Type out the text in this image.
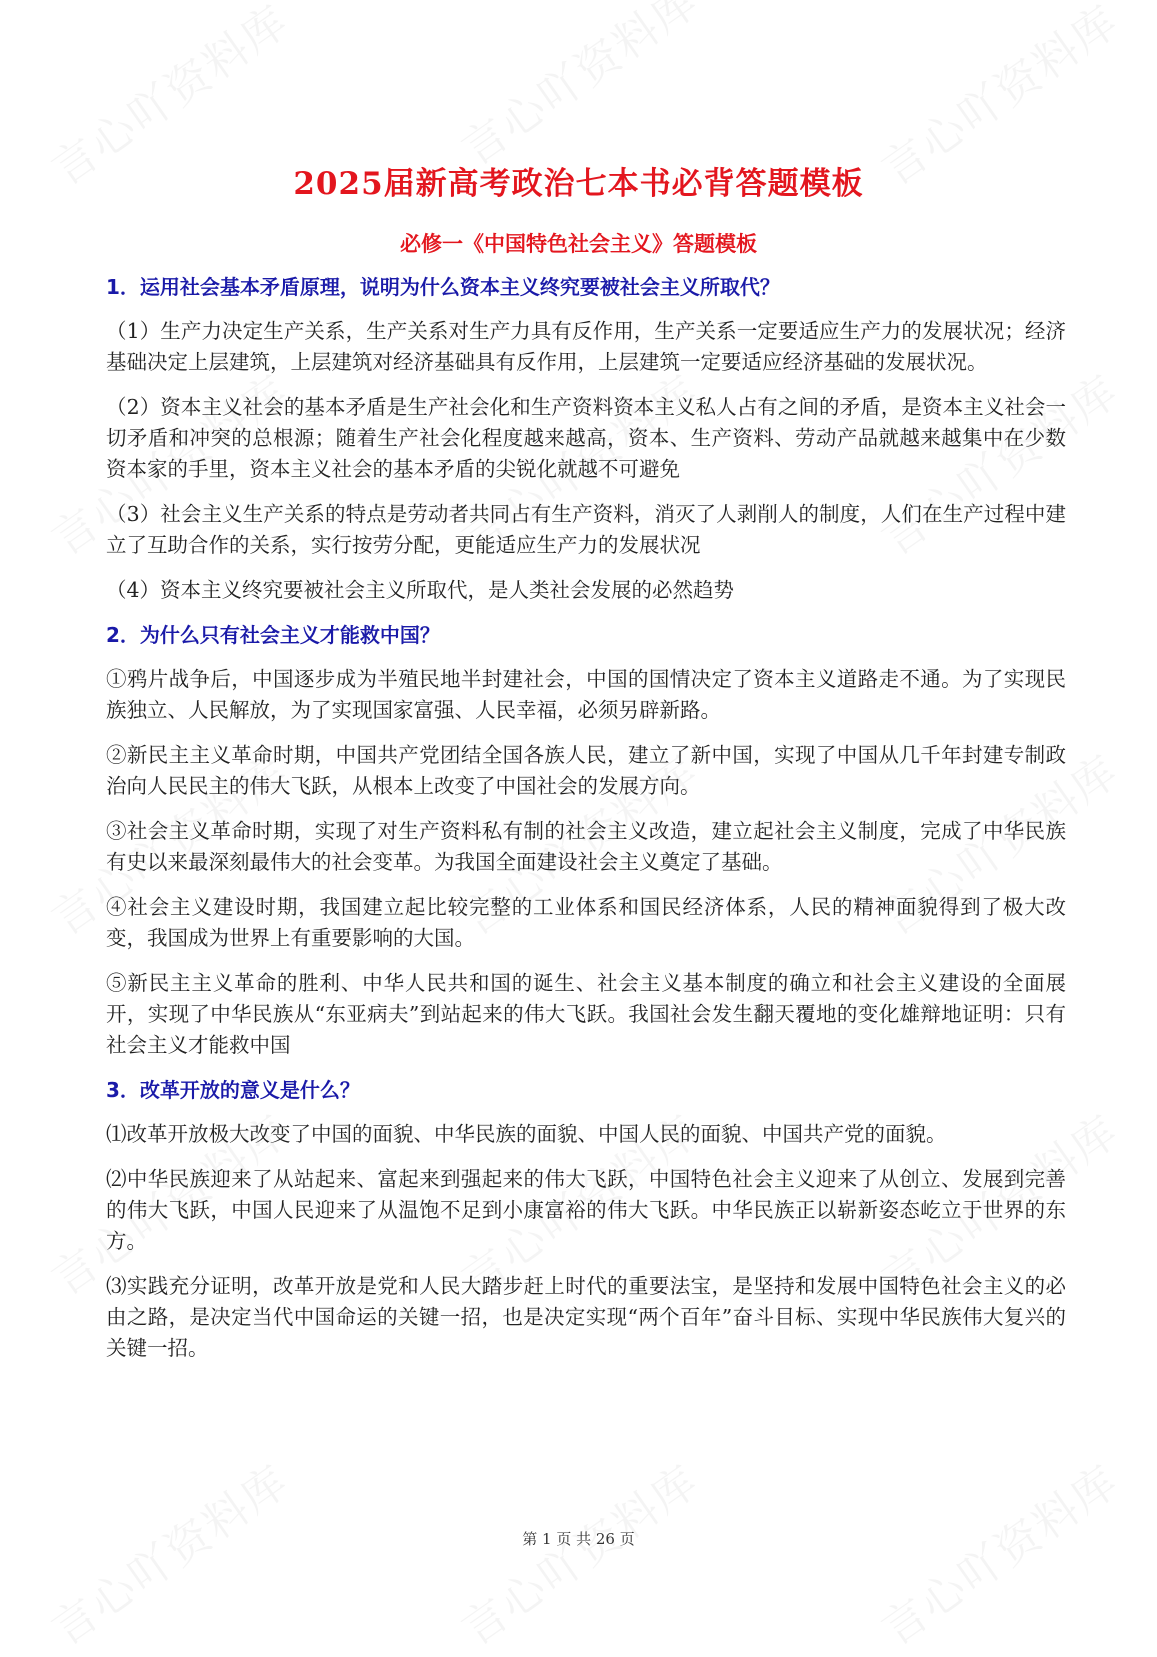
2025届新高考政治七本书必背答题模板
必修一《中国特色社会主义》答题模板
1．运用社会基本矛盾原理，说明为什么资本主义终究要被社会主义所取代？
（1）生产力决定生产关系，生产关系对生产力具有反作用，生产关系一定要适应生产力的发展状况；经济基础决定上层建筑，上层建筑对经济基础具有反作用，上层建筑一定要适应经济基础的发展状况。
（2）资本主义社会的基本矛盾是生产社会化和生产资料资本主义私人占有之间的矛盾，是资本主义社会一切矛盾和冲突的总根源；随着生产社会化程度越来越高，资本、生产资料、劳动产品就越来越集中在少数资本家的手里，资本主义社会的基本矛盾的尖锐化就越不可避免
（3）社会主义生产关系的特点是劳动者共同占有生产资料，消灭了人剥削人的制度，人们在生产过程中建立了互助合作的关系，实行按劳分配，更能适应生产力的发展状况
（4）资本主义终究要被社会主义所取代，是人类社会发展的必然趋势
2．为什么只有社会主义才能救中国？
①鸦片战争后，中国逐步成为半殖民地半封建社会，中国的国情决定了资本主义道路走不通。为了实现民族独立、人民解放，为了实现国家富强、人民幸福，必须另辟新路。
②新民主主义革命时期，中国共产党团结全国各族人民，建立了新中国，实现了中国从几千年封建专制政治向人民民主的伟大飞跃，从根本上改变了中国社会的发展方向。
③社会主义革命时期，实现了对生产资料私有制的社会主义改造，建立起社会主义制度，完成了中华民族有史以来最深刻最伟大的社会变革。为我国全面建设社会主义奠定了基础。
④社会主义建设时期，我国建立起比较完整的工业体系和国民经济体系，人民的精神面貌得到了极大改变，我国成为世界上有重要影响的大国。
⑤新民主主义革命的胜利、中华人民共和国的诞生、社会主义基本制度的确立和社会主义建设的全面展开，实现了中华民族从“东亚病夫”到站起来的伟大飞跃。我国社会发生翻天覆地的变化雄辩地证明：只有社会主义才能救中国
3．改革开放的意义是什么？
⑴改革开放极大改变了中国的面貌、中华民族的面貌、中国人民的面貌、中国共产党的面貌。
⑵中华民族迎来了从站起来、富起来到强起来的伟大飞跃，中国特色社会主义迎来了从创立、发展到完善的伟大飞跃，中国人民迎来了从温饱不足到小康富裕的伟大飞跃。中华民族正以崭新姿态屹立于世界的东方。
⑶实践充分证明，改革开放是党和人民大踏步赶上时代的重要法宝，是坚持和发展中国特色社会主义的必由之路，是决定当代中国命运的关键一招，也是决定实现“两个百年”奋斗目标、实现中华民族伟大复兴的关键一招。
第 1 页 共 26 页
